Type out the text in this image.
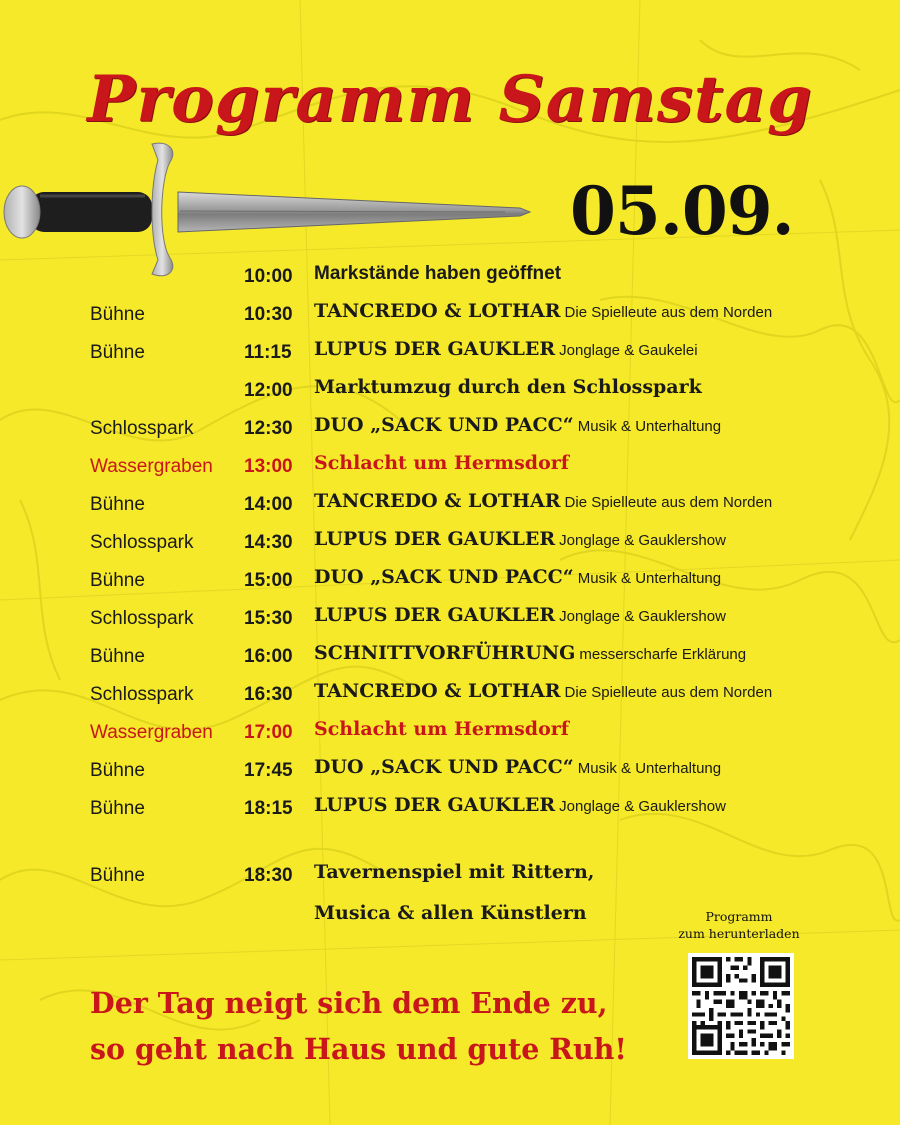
Programm Samstag
05.09.
10:00 Markstände haben geöffnet
Bühne	10:30 TANCREDO & LOTHAR Die Spielleute aus dem Norden
Bühne	11:15 LUPUS DER GAUKLER Jonglage & Gaukelei
12:00 Marktumzug durch den Schlosspark
Schlosspark	12:30 DUO „SACK UND PACC“ Musik & Unterhaltung
Wassergraben 13:00 Schlacht um Hermsdorf
Bühne	14:00 TANCREDO & LOTHAR Die Spielleute aus dem Norden
Schlosspark	14:30 LUPUS DER GAUKLER Jonglage & Gauklershow
Bühne	15:00 DUO „SACK UND PACC“ Musik & Unterhaltung
Schlosspark	15:30 LUPUS DER GAUKLER Jonglage & Gauklershow
Bühne	16:00 SCHNITTVORFÜHRUNG messerscharfe Erklärung
Schlosspark	16:30 TANCREDO & LOTHAR Die Spielleute aus dem Norden
Wassergraben 17:00 Schlacht um Hermsdorf
Bühne	17:45 DUO „SACK UND PACC“ Musik & Unterhaltung
Bühne	18:15 LUPUS DER GAUKLER Jonglage & Gauklershow
Bühne	18:30 Tavernenspiel mit Rittern,
Musica & allen Künstlern
Der Tag neigt sich dem Ende zu,
so geht nach Haus und gute Ruh!
Programm
zum herunterladen
